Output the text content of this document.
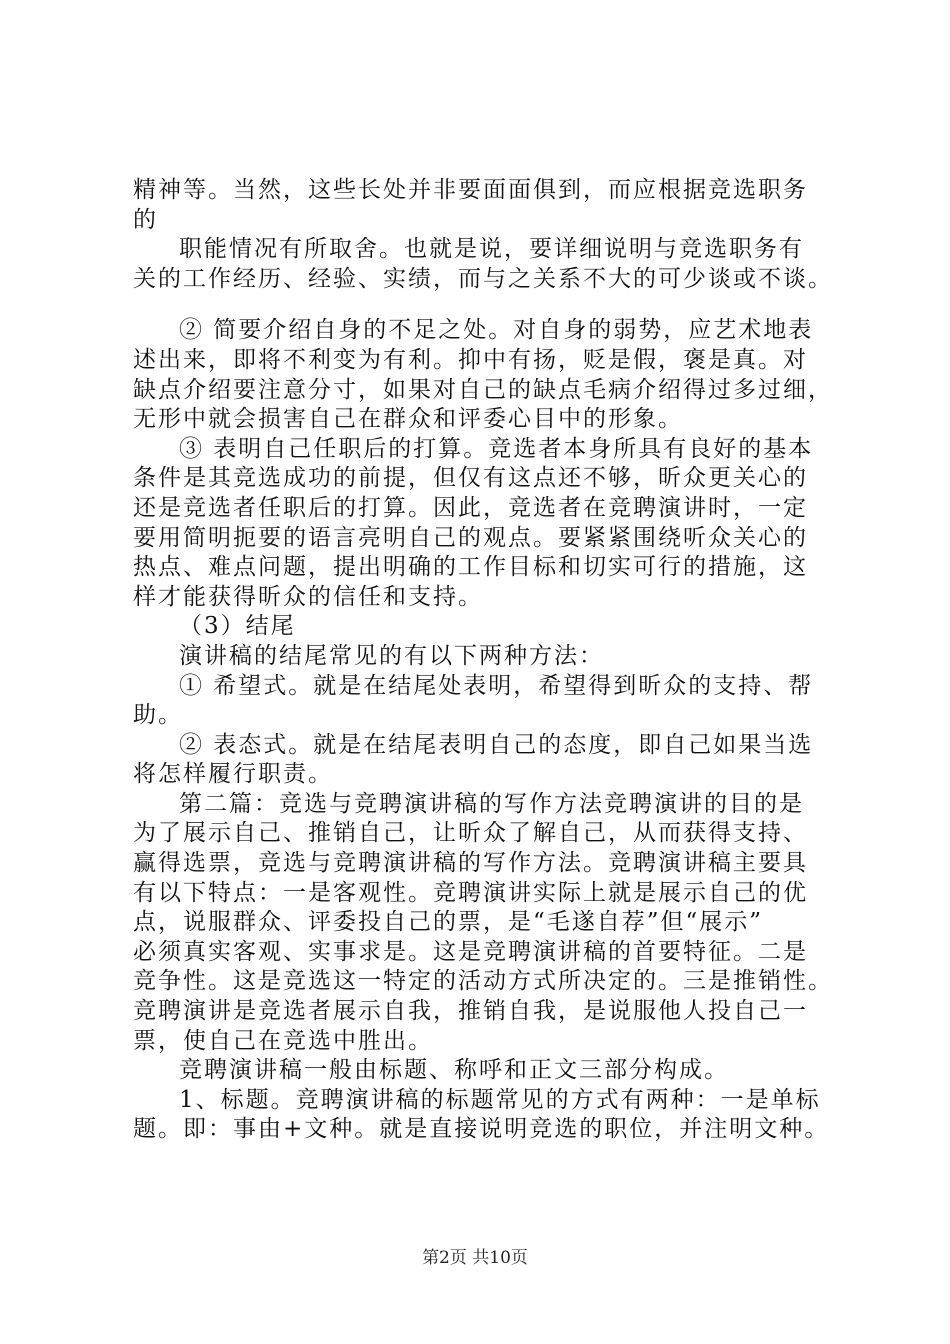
精神等。当然，这些长处并非要面面俱到，而应根据竞选职务
的
职能情况有所取舍。也就是说，要详细说明与竞选职务有
关的工作经历、经验、实绩，而与之关系不大的可少谈或不谈。
② 简要介绍自身的不足之处。对自身的弱势，应艺术地表
述出来，即将不利变为有利。抑中有扬，贬是假，褒是真。对
缺点介绍要注意分寸，如果对自己的缺点毛病介绍得过多过细，
无形中就会损害自己在群众和评委心目中的形象。
③ 表明自己任职后的打算。竞选者本身所具有良好的基本
条件是其竞选成功的前提，但仅有这点还不够，昕众更关心的
还是竞选者任职后的打算。因此，竞选者在竞聘演讲时，一定
要用简明扼要的语言亮明自己的观点。要紧紧围绕听众关心的
热点、难点问题，提出明确的工作目标和切实可行的措施，这
样才能获得昕众的信任和支持。
（3）结尾
演讲稿的结尾常见的有以下两种方法：
① 希望式。就是在结尾处表明，希望得到昕众的支持、帮
助。
② 表态式。就是在结尾表明自己的态度，即自己如果当选
将怎样履行职责。
第二篇：竞选与竞聘演讲稿的写作方法竞聘演讲的目的是
为了展示自己、推销自己，让昕众了解自己，从而获得支持、
赢得选票，竞选与竞聘演讲稿的写作方法。竞聘演讲稿主要具
有以下特点：一是客观性。竞聘演讲实际上就是展示自己的优
点，说服群众、评委投自己的票，是“毛遂自荐”但“展示”
必须真实客观、实事求是。这是竞聘演讲稿的首要特征。二是
竞争性。这是竞选这一特定的活动方式所决定的。三是推销性。
竞聘演讲是竞选者展示自我，推销自我，是说服他人投自己一
票，使自己在竞选中胜出。
竞聘演讲稿一般由标题、称呼和正文三部分构成。
1、标题。竞聘演讲稿的标题常见的方式有两种：一是单标
题。即：事由+文种。就是直接说明竞选的职位，并注明文种。
第2页 共10页
